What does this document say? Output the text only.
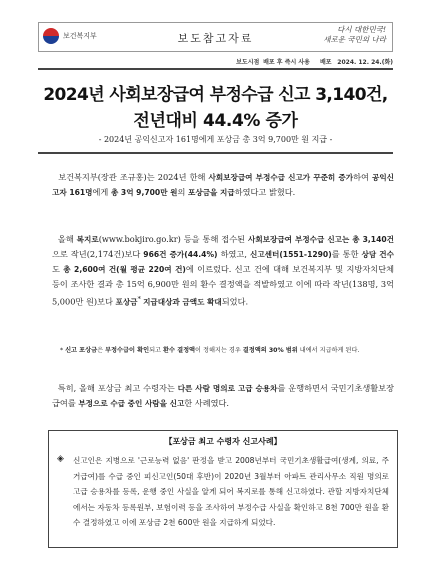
보건복지부	보도참고자료
다시 대한민국!
새로운 국민의 나라
보도시점 배포 후 즉시 사용 배포 2024. 12. 24.(화)
2024년 사회보장급여 부정수급 신고 3,140건,
전년대비 44.4% 증가
- 2024년 공익신고자 161명에게 포상금 총 3억 9,700만 원 지급 -
보건복지부(장관 조규홍)는 2024년 한해 사회보장급여 부정수급 신고가 꾸준히 증가하여 공익신고자 161명에게 총 3억 9,700만 원의 포상금을 지급하였다고 밝혔다.
올해 복지로(www.bokjiro.go.kr) 등을 통해 접수된 사회보장급여 부정수급 신고는 총 3,140건으로 작년(2,174건)보다 966건 증가(44.4%) 하였고, 신고센터(1551-1290)를 통한 상담 건수도 총 2,600여 건(월 평균 220여 건)에 이르렀다. 신고 건에 대해 보건복지부 및 지방자치단체 등이 조사한 결과 총 15억 6,900만 원의 환수 결정액을 적발하였고 이에 따라 작년(138명, 3억 5,000만 원)보다 포상금* 지급대상과 금액도 확대되었다.
* 신고 포상금은 부정수급이 확인되고 환수 결정액이 정해지는 경우 결정액의 30% 범위 내에서 지급하게 된다.
특히, 올해 포상금 최고 수령자는 다른 사람 명의로 고급 승용차를 운행하면서 국민기초생활보장 급여를 부정으로 수급 중인 사람을 신고한 사례였다.
【포상금 최고 수령자 신고사례】
◈ 신고인은 지병으로 '근로능력 없음' 판정을 받고 2008년부터 국민기초생활급여(생계, 의료, 주거급여)를 수급 중인 피신고인(50대 후반)이 2020년 3월부터 아파트 관리사무소 직원 명의로 고급 승용차를 등록, 운행 중인 사실을 알게 되어 복지로를 통해 신고하였다. 관할 지방자치단체에서는 자동차 등록원부, 보험이력 등을 조사하여 부정수급 사실을 확인하고 8천 700만 원을 환수 결정하였고 이에 포상금 2천 600만 원을 지급하게 되었다.
